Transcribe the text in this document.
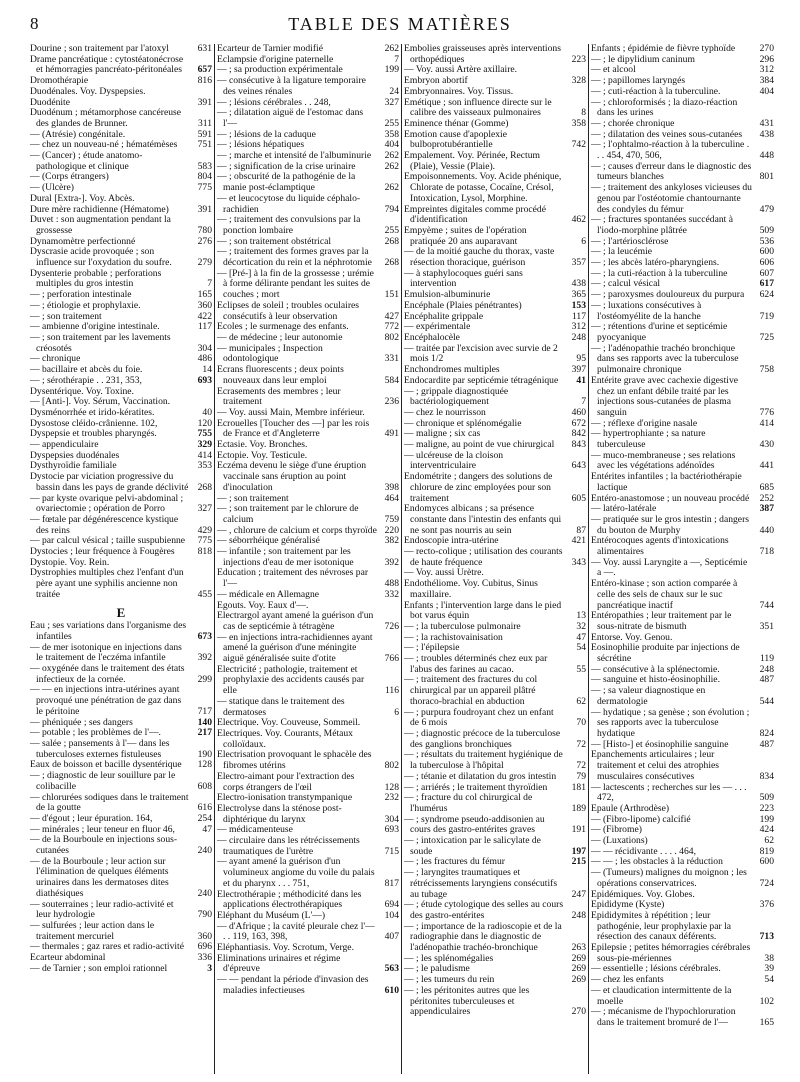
8	TABLE DES MATIÈRES
Dourine ; son traitement par l'atoxyl	631
Drame pancréatique : cytostéatonécrose et hémorragies pancréato-péritonéales	657
Dromothérapie	816
Duodénales. Voy. Dyspepsies.
Duodénite	391
Duodénum ; métamorphose cancéreuse des glandes de Brunner.	311
— (Atrésie) congénitale.	591
— chez un nouveau-né ; hématémèses	751
— (Cancer) ; étude anatomo-pathologique et clinique	583
— (Corps étrangers)	804
— (Ulcère)	775
Dural [Extra-]. Voy. Abcès.
Dure mère rachidienne (Hématome)	391
Duvet : son augmentation pendant la grossesse	780
Dynamomètre perfectionné	276
Dyscrasie acide provoquée ; son influence sur l'oxydation du soufre.	279
Dysenterie probable ; perforations multiples du gros intestin	7
— ; perforation intestinale	165
— ; étiologie et prophylaxie.	360
— ; son traitement	422
— ambienne d'origine intestinale.	117
— ; son traitement par les lavements créosotés	304
— chronique	486
— bacillaire et abcès du foie.	14
— ; sérothérapie . . 231, 353,	693
Dysentérique. Voy. Toxine.
— [Anti-]. Voy. Sérum, Vaccination.
Dysménorrhée et irido-kératites.	40
Dysostose cléido-crânienne. 102,	120
Dyspepsie et troubles pharyngés.	755
— appendiculaire	329
Dyspepsies duodénales	414
Dysthyroïdie familiale	353
Dystocie par viciation progressive du bassin dans les pays de grande déclivité 268
— par kyste ovarique pelvi-abdominal ; ovariectomie ; opération de Porro	327
— fœtale par dégénérescence kystique des reins	429
— par calcul vésical ; taille suspubienne	775
Dystocies ; leur fréquence à Fougères	818
Dystopie. Voy. Rein.
Dystrophies multiples chez l'enfant d'un père ayant une syphilis ancienne non traitée	455
E
Eau ; ses variations dans l'organisme des infantiles	673
— de mer isotonique en injections dans le traitement de l'eczéma infantile	392
— oxygénée dans le traitement des états infectieux de la cornée.	299
— — en injections intra-utérines ayant provoqué une pénétration de gaz dans le péritoine	717
— phéniquée ; ses dangers	140
— potable ; les problèmes de l'—.	217
— salée ; pansements à l'— dans les tuberculoses externes fistuleuses	190
Eaux de boisson et bacille dysentérique	128
— ; diagnostic de leur souillure par le colibacille	608
— chlorurées sodiques dans le traitement de la goutte	616
— d'égout ; leur épuration. 164,	254
— minérales ; leur teneur en fluor 46,	47
— de la Bourboule en injections sous-cutanées	240
— de la Bourboule ; leur action sur l'élimination de quelques éléments urinaires dans les dermatoses dites diathésiques	240
— souterraines ; leur radio-activité et leur hydrologie	790
— sulfurées ; leur action dans le traitement mercuriel	360
— thermales ; gaz rares et radio-activité	696
Ecarteur abdominal	336
— de Tarnier ; son emploi rationnel	3
Ecarteur de Tarnier modifié	262
Eclampsie d'origine paternelle	7
— ; sa production expérimentale	199
— consécutive à la ligature temporaire des veines rénales	24
— ; lésions cérébrales . . 248,	327
— ; dilatation aiguë de l'estomac dans l'—	255
— ; lésions de la caduque	358
— ; lésions hépatiques	404
— ; marche et intensité de l'albuminurie	262
— ; signification de la crise urinaire	262
— ; obscurité de la pathogénie de la manie post-éclamptique	262
— et leucocytose du liquide céphalo-rachidien	794
— ; traitement des convulsions par la ponction lombaire	255
— ; son traitement obstétrical	268
— ; traitement des formes graves par la décortication du rein et la néphrotomie	268
— [Pré-] à la fin de la grossesse ; urémie à forme délirante pendant les suites de couches ; mort	151
Eclipses de soleil ; troubles oculaires consécutifs à leur observation	427
Ecoles ; le surmenage des enfants.	772
— de médecine ; leur autonomie	802
— municipales ; Inspection odontologique	331
Ecrans fluorescents ; deux points nouveaux dans leur emploi	584
Ecrasements des membres ; leur traitement	236
— Voy. aussi Main, Membre inférieur.
Ecrouelles [Toucher des —] par les rois de France et d'Angleterre	491
Ectasie. Voy. Bronches.
Ectopie. Voy. Testicule.
Eczéma devenu le siège d'une éruption vaccinale sans éruption au point d'inoculation	398
— ; son traitement	464
— ; son traitement par le chlorure de calcium	759
— , chlorure de calcium et corps thyroïde 220
— séborrhéique généralisé	382
— infantile ; son traitement par les injections d'eau de mer isotonique	392
Education ; traitement des névroses par l'—	488
— médicale en Allemagne	332
Egouts. Voy. Eaux d'—.
Electrargol ayant amené la guérison d'un cas de septicémie à tétragène	726
— en injections intra-rachidiennes ayant amené la guérison d'une méningite aiguë généralisée suite d'otite	766
Electricité ; pathologie, traitement et prophylaxie des accidents causés par elle	116
— statique dans le traitement des dermatoses	6
Electrique. Voy. Couveuse, Sommeil.
Electriques. Voy. Courants, Métaux colloïdaux.
Electrisation provoquant le sphacèle des fibromes utérins	802
Electro-aimant pour l'extraction des corps étrangers de l'œil	128
Electro-ionisation transtympanique	232
Electrolyse dans la sténose post-diphtérique du larynx	304
— médicamenteuse	693
— circulaire dans les rétrécissements traumatiques de l'urètre	715
— ayant amené la guérison d'un volumineux angiome du voile du palais et du pharynx . . . 751,	817
Electrothérapie ; méthodicité dans les applications électrothérapiques	694
Eléphant du Muséum (L'—)	104
— d'Afrique ; la cavité pleurale chez l'— . . 119, 163, 398,	407
Eléphantiasis. Voy. Scrotum, Verge.
Eliminations urinaires et régime d'épreuve	563
— — pendant la période d'invasion des maladies infectieuses	610
Embolies graisseuses après interventions orthopédiques	223
— Voy. aussi Artère axillaire.
Embryon abortif	328
Embryonnaires. Voy. Tissus.
Emétique ; son influence directe sur le calibre des vaisseaux pulmonaires	8
Eminence thénar (Gomme)	358
Emotion cause d'apoplexie bulboprotubérantielle	742
Empalement. Voy. Périnée, Rectum (Plaie), Vessie (Plaie).
Empoisonnements. Voy. Acide phénique, Chlorate de potasse, Cocaïne, Crésol, Intoxication, Lysol, Morphine.
Empreintes digitales comme procédé d'identification	462
Empyème ; suites de l'opération pratiquée 20 ans auparavant	6
— de la moitié gauche du thorax, vaste résection thoracique, guérison	357
— à staphylocoques guéri sans intervention	438
Emulsion-albuminurie	365
Encéphale (Plaies pénétrantes)	153
Encéphalite grippale	117
— expérimentale	312
Encéphalocèle	248
— traitée par l'excision avec survie de 2 mois 1/2	95
Enchondromes multiples	397
Endocardite par septicémie tétragénique	41
— ; grippale diagnostiquée bactériologiquement	7
— chez le nourrisson	460
— chronique et splénomégalie	672
— maligne ; six cas	842
— maligne, au point de vue chirurgical	843
— ulcéreuse de la cloison interventriculaire	643
Endométrite ; dangers des solutions de chlorure de zinc employées pour son traitement	605
Endomyces albicans ; sa présence constante dans l'intestin des enfants qui ne sont pas nourris au sein	87
Endoscopie intra-utérine	421
— recto-colique ; utilisation des courants de haute fréquence	343
— Voy. aussi Urètre.
Endothéliome. Voy. Cubitus, Sinus maxillaire.
Enfants ; l'intervention large dans le pied bot varus équin	13
— ; la tuberculose pulmonaire	32
— ; la rachistovainisation	47
— ; l'épilepsie	54
— ; troubles déterminés chez eux par l'abus des farines au cacao.	55
— ; traitement des fractures du col chirurgical par un appareil plâtré thoraco-brachial en abduction	62
— ; purpura foudroyant chez un enfant de 6 mois	70
— ; diagnostic précoce de la tuberculose des ganglions bronchiques	72
— ; résultats du traitement hygiénique de la tuberculose à l'hôpital	72
— ; tétanie et dilatation du gros intestin	79
— ; arriérés ; le traitement thyroïdien	181
— ; fracture du col chirurgical de l'humérus	189
— ; syndrome pseudo-addisonien au cours des gastro-entérites graves	191
— ; intoxication par le salicylate de soude	197
— ; les fractures du fémur	215
— ; laryngites traumatiques et rétrécissements laryngiens consécutifs au tubage	247
— ; étude cytologique des selles au cours des gastro-entérites	248
— ; importance de la radioscopie et de la radiographie dans le diagnostic de l'adénopathie trachéo-bronchique	263
— ; les splénomégalies	269
— ; le paludisme	269
— ; les tumeurs du rein	269
— ; les péritonites autres que les péritonites tuberculeuses et appendiculaires	270
Enfants ; épidémie de fièvre typhoïde	270
— ; le dipylidium caninum	296
— et alcool	312
— ; papillomes laryngés	384
— ; cuti-réaction à la tuberculine.	404
— ; chloroformisés ; la diazo-réaction dans les urines
— ; chorée chronique	431
— ; dilatation des veines sous-cutanées	438
— ; l'ophtalmo-réaction à la tuberculine . . . 454, 470, 506,	448
— ; causes d'erreur dans le diagnostic des tumeurs blanches	801
— ; traitement des ankyloses vicieuses du genou par l'ostéotomie chantournante des condyles du fémur	479
— ; fractures spontanées succédant à l'iodo-morphine plâtrée	509
— ; l'artériosclérose	536
— ; la leucémie	600
— ; les abcès latéro-pharyngiens.	606
— ; la cuti-réaction à la tuberculine	607
— ; calcul vésical	617
— ; paroxysmes douloureux du purpura	624
— ; luxations consécutives à l'ostéomyélite de la hanche	719
— ; rétentions d'urine et septicémie pyocyanique	725
— ; l'adénopathie trachéo bronchique dans ses rapports avec la tuberculose pulmonaire chronique	758
Entérite grave avec cachexie digestive chez un enfant débile traité par les injections sous-cutanées de plasma sanguin	776
— ; réflexe d'origine nasale	414
— hypertrophiante ; sa nature tuberculeuse	430
— muco-membraneuse ; ses relations avec les végétations adénoïdes	441
Entérites infantiles ; la bactériothérapie lactique	685
Entéro-anastomose ; un nouveau procédé	252
— latéro-latérale	387
— pratiquée sur le gros intestin ; dangers du bouton de Murphy	440
Entérocoques agents d'intoxications alimentaires	718
— Voy. aussi Laryngite a —, Septicémie a —.
Entéro-kinase ; son action comparée à celle des sels de chaux sur le suc pancréatique inactif	744
Entéropathies ; leur traitement par le sous-nitrate de bismuth	351
Entorse. Voy. Genou.
Eosinophilie produite par injections de sécrétine	119
— consécutive à la splénectomie.	248
— sanguine et histo-éosinophilie.	487
— ; sa valeur diagnostique en dermatologie	544
— hydatique ; sa genèse ; son évolution ; ses rapports avec la tuberculose hydatique	824
— [Histo-] et éosinophilie sanguine	487
Epanchements articulaires ; leur traitement et celui des atrophies musculaires consécutives	834
— lactescents ; recherches sur les — . . . 472,	509
Epaule (Arthrodèse)	223
— (Fibro-lipome) calcifié	199
— (Fibrome)	424
— (Luxations)	62
— — récidivante . . . . 464,	819
— — ; les obstacles à la réduction	600
— (Tumeurs) malignes du moignon ; les opérations conservatrices.	724
Epidémiques. Voy. Globes.
Epididyme (Kyste)	376
Epididymites à répétition ; leur pathogénie, leur prophylaxie par la résection des canaux déférents.	713
Epilepsie ; petites hémorragies cérébrales sous-pie-mériennes	38
— essentielle ; lésions cérébrales.	39
— chez les enfants	54
— et claudication intermittente de la moelle	102
— ; mécanisme de l'hypochloruration dans le traitement bromuré de l'—	165
